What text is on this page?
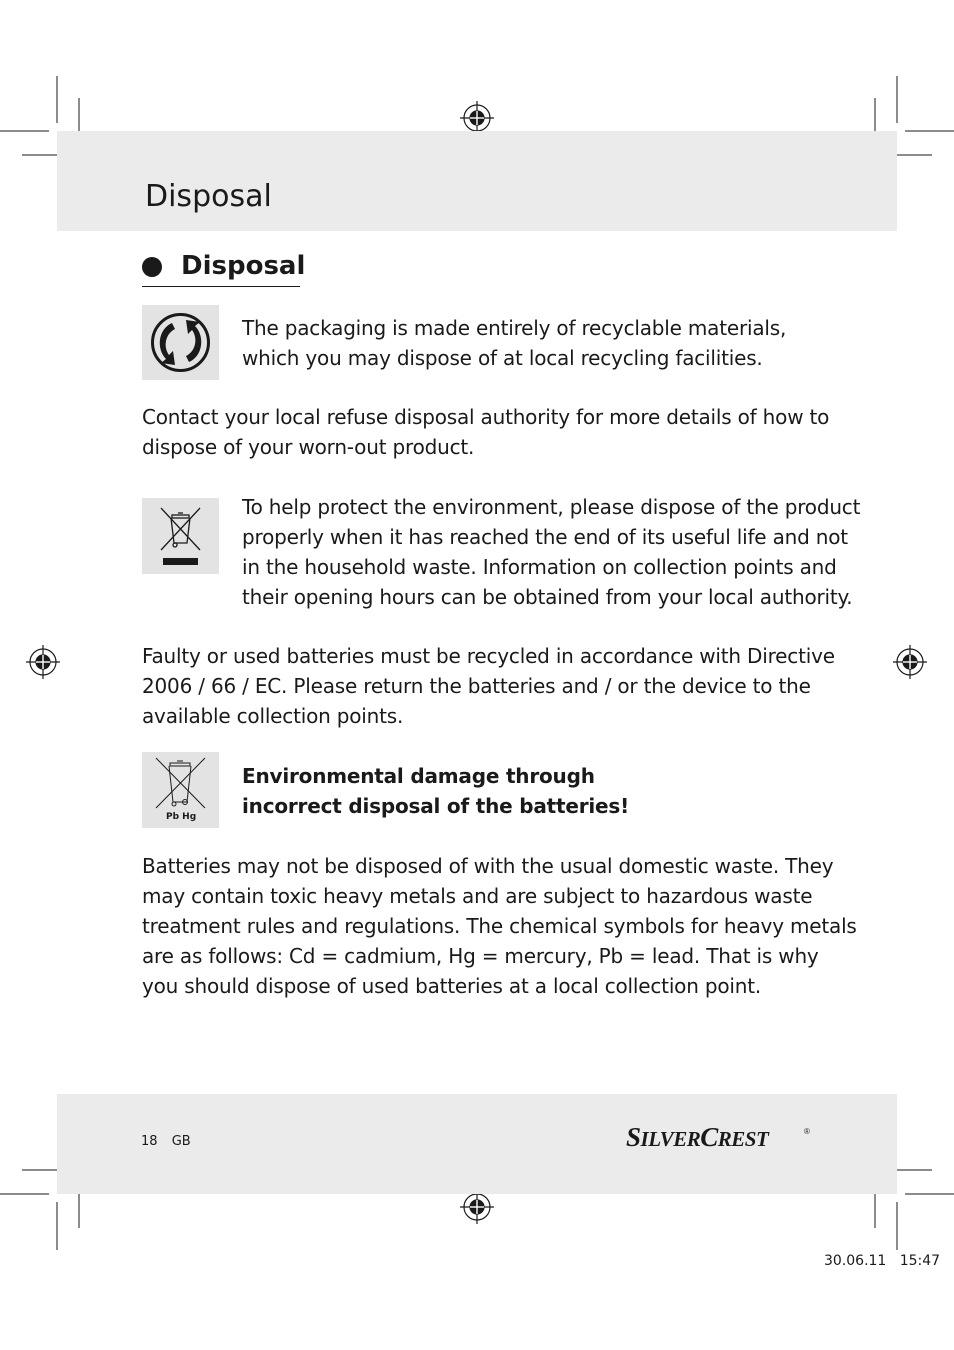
Disposal
Disposal

The packaging is made entirely of recyclable materials,
which you may dispose of at local recycling facilities.

Contact your local refuse disposal authority for more details of how to
dispose of your worn-out product.

To help protect the environment, please dispose of the product
properly when it has reached the end of its useful life and not
in the household waste. Information on collection points and
their opening hours can be obtained from your local authority.

Faulty or used batteries must be recycled in accordance with Directive
2006 / 66 / EC. Please return the batteries and / or the device to the
available collection points.

Pb Hg

Environmental damage through
incorrect disposal of the batteries!

Batteries may not be disposed of with the usual domestic waste. They
may contain toxic heavy metals and are subject to hazardous waste
treatment rules and regulations. The chemical symbols for heavy metals
are as follows: Cd = cadmium, Hg = mercury, Pb = lead. That is why
you should dispose of used batteries at a local collection point.

18 GB	SILVERCREST	®
30.06.11 15:47
